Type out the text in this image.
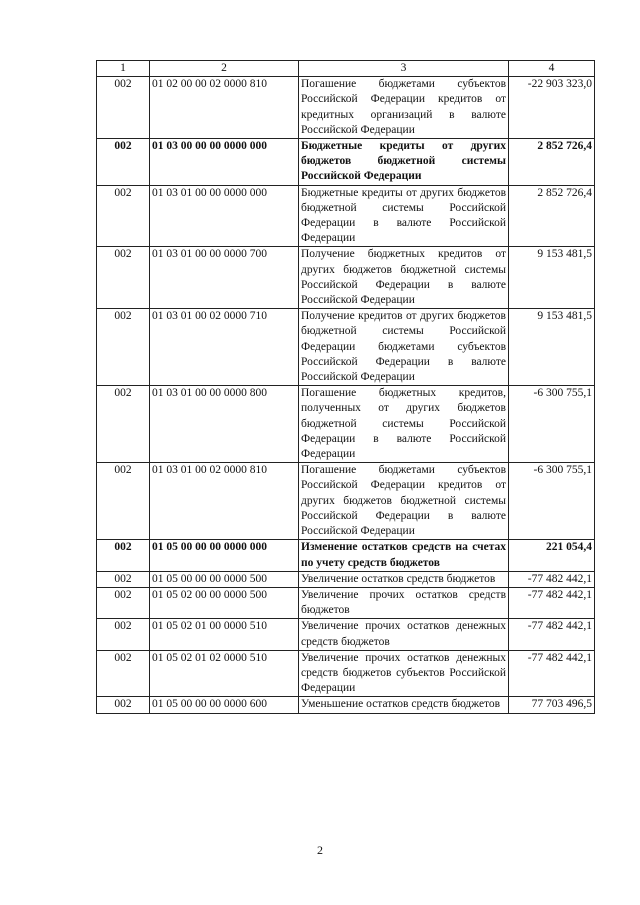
1	2	3	4
002	01 02 00 00 02 0000 810	Погашение бюджетами субъектов Российской Федерации кредитов от кредитных организаций в валюте Российской Федерации	-22 903 323,0
002	01 03 00 00 00 0000 000	Бюджетные кредиты от других бюджетов бюджетной системы Российской Федерации	2 852 726,4
002	01 03 01 00 00 0000 000	Бюджетные кредиты от других бюджетов бюджетной системы Российской Федерации в валюте Российской Федерации	2 852 726,4
002	01 03 01 00 00 0000 700	Получение бюджетных кредитов от других бюджетов бюджетной системы Российской Федерации в валюте Российской Федерации	9 153 481,5
002	01 03 01 00 02 0000 710	Получение кредитов от других бюджетов бюджетной системы Российской Федерации бюджетами субъектов Российской Федерации в валюте Российской Федерации	9 153 481,5
002	01 03 01 00 00 0000 800	Погашение бюджетных кредитов, полученных от других бюджетов бюджетной системы Российской Федерации в валюте Российской Федерации	-6 300 755,1
002	01 03 01 00 02 0000 810	Погашение бюджетами субъектов Российской Федерации кредитов от других бюджетов бюджетной системы Российской Федерации в валюте Российской Федерации	-6 300 755,1
002	01 05 00 00 00 0000 000	Изменение остатков средств на счетах по учету средств бюджетов	221 054,4
002	01 05 00 00 00 0000 500	Увеличение остатков средств бюджетов	-77 482 442,1
002	01 05 02 00 00 0000 500	Увеличение прочих остатков средств бюджетов	-77 482 442,1
002	01 05 02 01 00 0000 510	Увеличение прочих остатков денежных средств бюджетов	-77 482 442,1
002	01 05 02 01 02 0000 510	Увеличение прочих остатков денежных средств бюджетов субъектов Российской Федерации	-77 482 442,1
002	01 05 00 00 00 0000 600	Уменьшение остатков средств бюджетов	77 703 496,5
2
